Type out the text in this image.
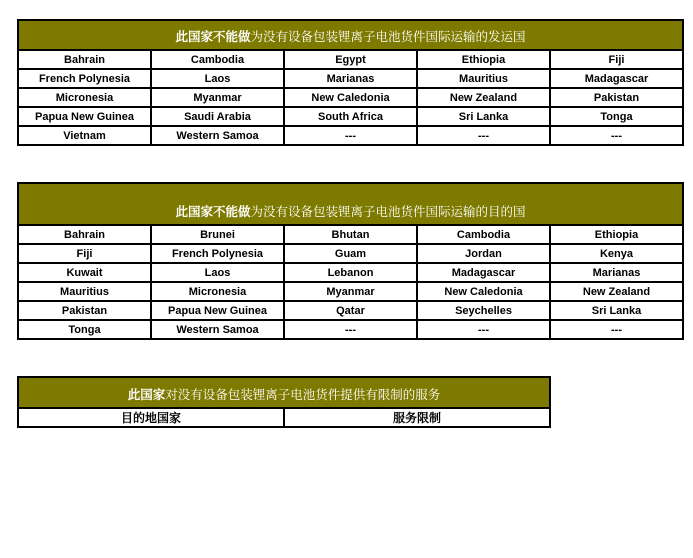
此国家不能做为没有设备包装锂离子电池货件国际运输的发运国				
Bahrain	Cambodia	Egypt	Ethiopia	Fiji
French Polynesia	Laos	Marianas	Mauritius	Madagascar
Micronesia	Myanmar	New Caledonia	New Zealand	Pakistan
Papua New Guinea	Saudi Arabia	South Africa	Sri Lanka	Tonga
Vietnam	Western Samoa	---	---	---
此国家不能做为没有设备包装锂离子电池货件国际运输的目的国				
Bahrain	Brunei	Bhutan	Cambodia	Ethiopia
Fiji	French Polynesia	Guam	Jordan	Kenya
Kuwait	Laos	Lebanon	Madagascar	Marianas
Mauritius	Micronesia	Myanmar	New Caledonia	New Zealand
Pakistan	Papua New Guinea	Qatar	Seychelles	Sri Lanka
Tonga	Western Samoa	---	---	---
此国家对没有设备包装锂离子电池货件提供有限制的服务
目的地国家	服务限制
